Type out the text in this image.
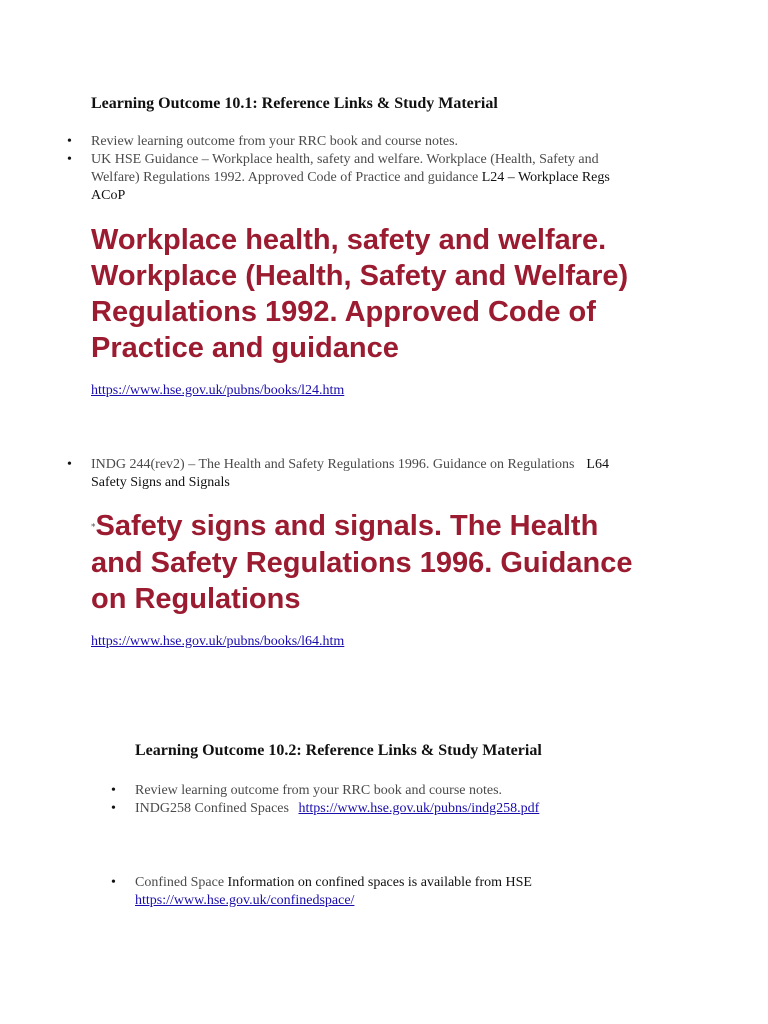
Learning Outcome 10.1: Reference Links & Study Material
• Review learning outcome from your RRC book and course notes.
• UK HSE Guidance – Workplace health, safety and welfare. Workplace (Health, Safety and
Welfare) Regulations 1992. Approved Code of Practice and guidance L24 – Workplace Regs
ACoP
Workplace health, safety and welfare.
Workplace (Health, Safety and Welfare)
Regulations 1992. Approved Code of
Practice and guidance
https://www.hse.gov.uk/pubns/books/l24.htm
• INDG 244(rev2) – The Health and Safety Regulations 1996. Guidance on Regulations L64
Safety Signs and Signals
*Safety signs and signals. The Health
and Safety Regulations 1996. Guidance
on Regulations
https://www.hse.gov.uk/pubns/books/l64.htm
Learning Outcome 10.2: Reference Links & Study Material
• Review learning outcome from your RRC book and course notes.
• INDG258 Confined Spaces https://www.hse.gov.uk/pubns/indg258.pdf
• Confined Space Information on confined spaces is available from HSE
https://www.hse.gov.uk/confinedspace/
